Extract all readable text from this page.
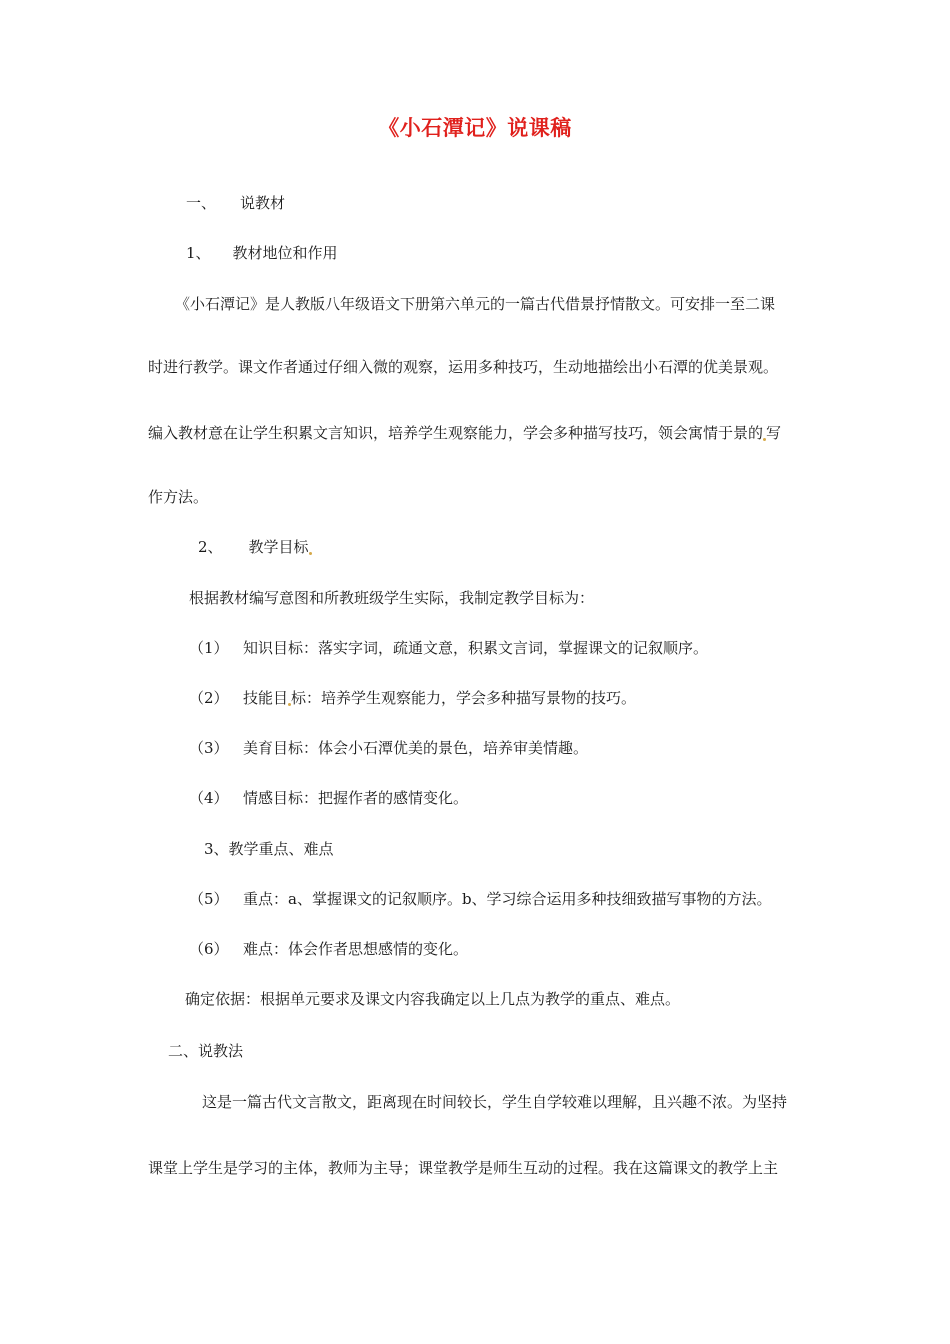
《小石潭记》说课稿
一、 说教材
1、 教材地位和作用
《小石潭记》是人教版八年级语文下册第六单元的一篇古代借景抒情散文。可安排一至二课
时进行教学。课文作者通过仔细入微的观察，运用多种技巧，生动地描绘出小石潭的优美景观。
编入教材意在让学生积累文言知识，培养学生观察能力，学会多种描写技巧，领会寓情于景的 写
作方法。
2、 教学目标
根据教材编写意图和所教班级学生实际，我制定教学目标为：
（1） 知识目标：落实字词，疏通文意，积累文言词，掌握课文的记叙顺序。
（2） 技能目 标：培养学生观察能力，学会多种描写景物的技巧。
（3） 美育目标：体会小石潭优美的景色，培养审美情趣。
（4） 情感目标：把握作者的感情变化。
3、教学重点、难点
（5） 重点：a、掌握课文的记叙顺序。b、学习综合运用多种技细致描写事物的方法。
（6） 难点：体会作者思想感情的变化。
确定依据：根据单元要求及课文内容我确定以上几点为教学的重点、难点。
二、说教法
这是一篇古代文言散文，距离现在时间较长，学生自学较难以理解，且兴趣不浓。为坚持
课堂上学生是学习的主体，教师为主导；课堂教学是师生互动的过程。我在这篇课文的教学上主
